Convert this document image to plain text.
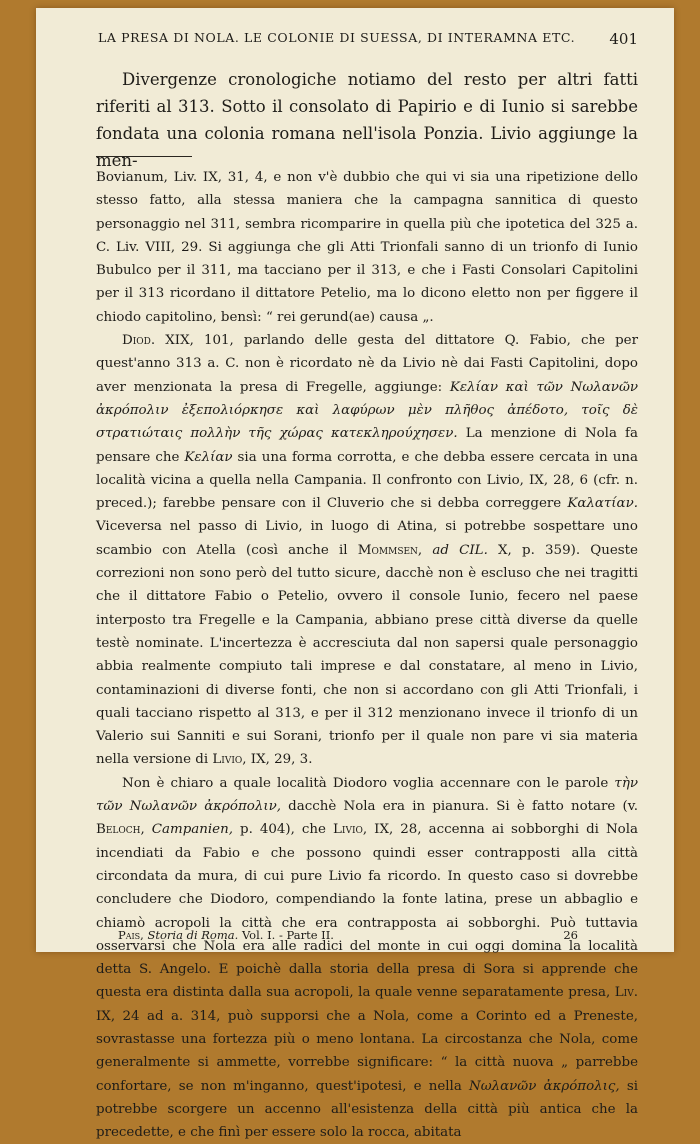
LA PRESA DI NOLA. LE COLONIE DI SUESSA, DI INTERAMNA ETC. 401

Divergenze cronologiche notiamo del resto per altri fatti riferiti al 313. Sotto il consolato di Papirio e di Iunio si sarebbe fondata una colonia romana nell'isola Ponzia. Livio aggiunge la men-

Bovianum, Liv. IX, 31, 4, e non v'è dubbio che qui vi sia una ripetizione dello stesso fatto, alla stessa maniera che la campagna sannitica di questo personaggio nel 311, sembra ricomparire in quella più che ipotetica del 325 a. C. Liv. VIII, 29. Si aggiunga che gli Atti Trionfali sanno di un trionfo di Iunio Bubulco per il 311, ma tacciano per il 313, e che i Fasti Consolari Capitolini per il 313 ricordano il dittatore Petelio, ma lo dicono eletto non per figgere il chiodo capitolino, bensì: “ rei gerund(ae) causa „.

Diod. XIX, 101, parlando delle gesta del dittatore Q. Fabio, che per quest'anno 313 a. C. non è ricordato nè da Livio nè dai Fasti Capitolini, dopo aver menzionata la presa di Fregelle, aggiunge: Κελίαν καὶ τῶν Νωλανῶν ἀκρόπολιν ἐξεπολιόρκησε καὶ λαφύρων μὲν πλῆθος ἀπέδοτο, τοῖς δὲ στρατιώταις πολλὴν τῆς χώρας κατεκληρούχησεν. La menzione di Nola fa pensare che Κελίαν sia una forma corrotta, e che debba essere cercata in una località vicina a quella nella Campania. Il confronto con Livio, IX, 28, 6 (cfr. n. preced.); farebbe pensare con il Cluverio che si debba correggere Καλατίαν. Viceversa nel passo di Livio, in luogo di Atina, si potrebbe sospettare uno scambio con Atella (così anche il Mommsen, ad CIL. X, p. 359). Queste correzioni non sono però del tutto sicure, dacchè non è escluso che nei tragitti che il dittatore Fabio o Petelio, ovvero il console Iunio, fecero nel paese interposto tra Fregelle e la Campania, abbiano prese città diverse da quelle testè nominate. L'incertezza è accresciuta dal non sapersi quale personaggio abbia realmente compiuto tali imprese e dal constatare, al meno in Livio, contaminazioni di diverse fonti, che non si accordano con gli Atti Trionfali, i quali tacciano rispetto al 313, e per il 312 menzionano invece il trionfo di un Valerio sui Sanniti e sui Sorani, trionfo per il quale non pare vi sia materia nella versione di Livio, IX, 29, 3.

Non è chiaro a quale località Diodoro voglia accennare con le parole τὴν τῶν Νωλανῶν ἀκρόπολιν, dacchè Nola era in pianura. Si è fatto notare (v. Beloch, Campanien, p. 404), che Livio, IX, 28, accenna ai sobborghi di Nola incendiati da Fabio e che possono quindi esser contrapposti alla città circondata da mura, di cui pure Livio fa ricordo. In questo caso si dovrebbe concludere che Diodoro, compendiando la fonte latina, prese un abbaglio e chiamò acropoli la città che era contrapposta ai sobborghi. Può tuttavia osservarsi che Nola era alle radici del monte in cui oggi domina la località detta S. Angelo. E poichè dalla storia della presa di Sora si apprende che questa era distinta dalla sua acropoli, la quale venne separatamente presa, Liv. IX, 24 ad a. 314, può supporsi che a Nola, come a Corinto ed a Preneste, sovrastasse una fortezza più o meno lontana. La circostanza che Nola, come generalmente si ammette, vorrebbe significare: “ la città nuova „ parrebbe confortare, se non m'inganno, quest'ipotesi, e nella Νωλανῶν ἀκρόπολις, si potrebbe scorgere un accenno all'esistenza della città più antica che la precedette, e che finì per essere solo la rocca, abitata

Pais, Storia di Roma. Vol. I. - Parte II.	26
